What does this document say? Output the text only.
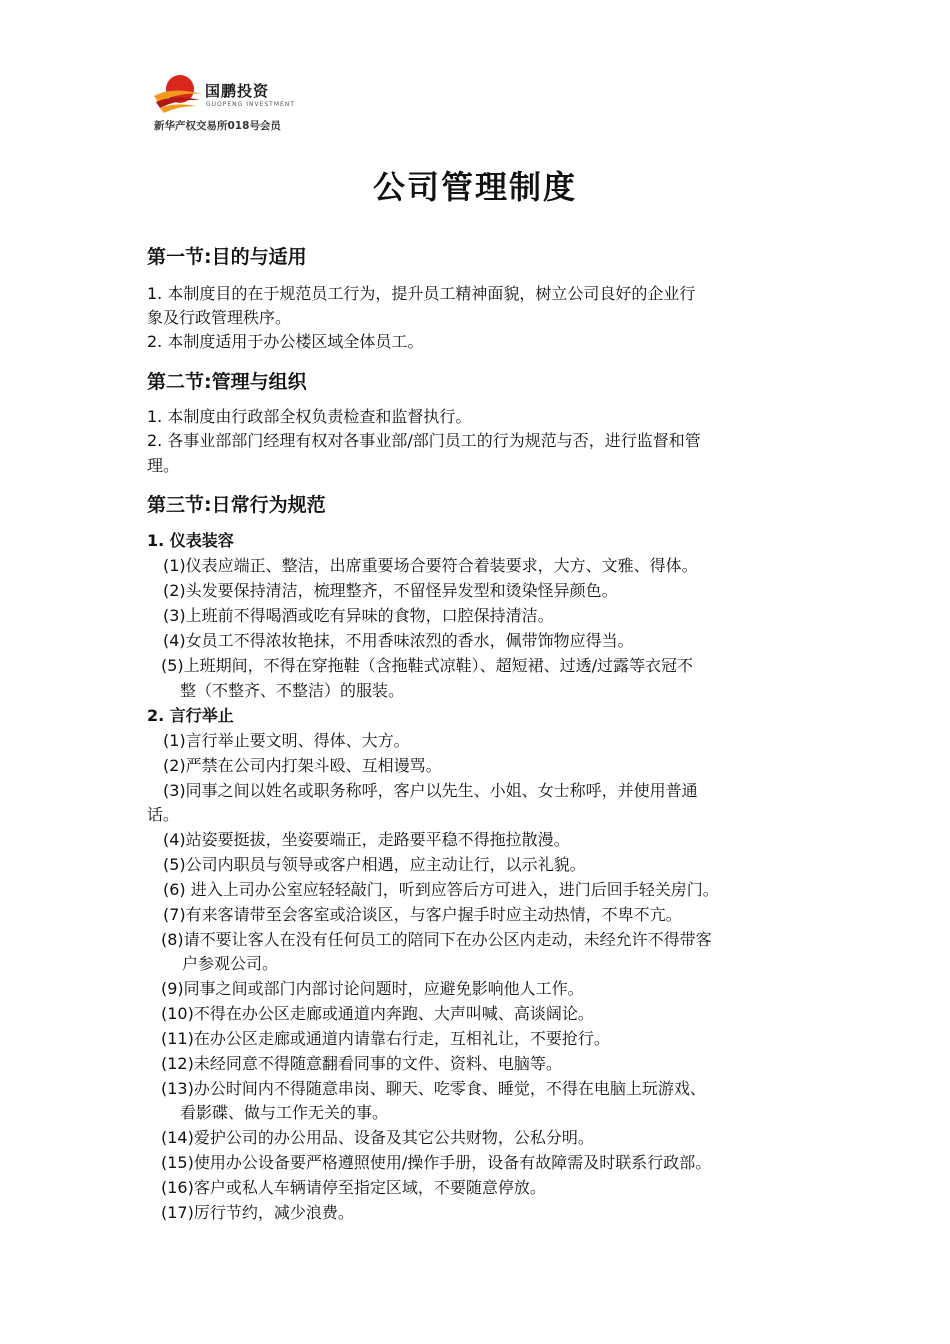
国鹏投资
GUOPENG INVESTMENT
新华产权交易所018号会员
公司管理制度
第一节:目的与适用
1. 本制度目的在于规范员工行为，提升员工精神面貌，树立公司良好的企业行
象及行政管理秩序。
2. 本制度适用于办公楼区域全体员工。
第二节:管理与组织
1. 本制度由行政部全权负责检查和监督执行。
2. 各事业部部门经理有权对各事业部/部门员工的行为规范与否，进行监督和管
理。
第三节:日常行为规范
1. 仪表装容
(1)仪表应端正、整洁，出席重要场合要符合着装要求，大方、文雅、得体。
(2)头发要保持清洁，梳理整齐，不留怪异发型和烫染怪异颜色。
(3)上班前不得喝酒或吃有异味的食物，口腔保持清洁。
(4)女员工不得浓妆艳抹，不用香味浓烈的香水，佩带饰物应得当。
(5)上班期间，不得在穿拖鞋（含拖鞋式凉鞋）、超短裙、过透/过露等衣冠不
整（不整齐、不整洁）的服装。
2. 言行举止
(1)言行举止要文明、得体、大方。
(2)严禁在公司内打架斗殴、互相谩骂。
(3)同事之间以姓名或职务称呼，客户以先生、小姐、女士称呼，并使用普通
话。
(4)站姿要挺拔，坐姿要端正，走路要平稳不得拖拉散漫。
(5)公司内职员与领导或客户相遇，应主动让行，以示礼貌。
(6) 进入上司办公室应轻轻敲门，听到应答后方可进入，进门后回手轻关房门。
(7)有来客请带至会客室或洽谈区，与客户握手时应主动热情，不卑不亢。
(8)请不要让客人在没有任何员工的陪同下在办公区内走动，未经允许不得带客
户参观公司。
(9)同事之间或部门内部讨论问题时，应避免影响他人工作。
(10)不得在办公区走廊或通道内奔跑、大声叫喊、高谈阔论。
(11)在办公区走廊或通道内请靠右行走，互相礼让，不要抢行。
(12)未经同意不得随意翻看同事的文件、资料、电脑等。
(13)办公时间内不得随意串岗、聊天、吃零食、睡觉，不得在电脑上玩游戏、
看影碟、做与工作无关的事。
(14)爱护公司的办公用品、设备及其它公共财物，公私分明。
(15)使用办公设备要严格遵照使用/操作手册，设备有故障需及时联系行政部。
(16)客户或私人车辆请停至指定区域，不要随意停放。
(17)厉行节约，减少浪费。
